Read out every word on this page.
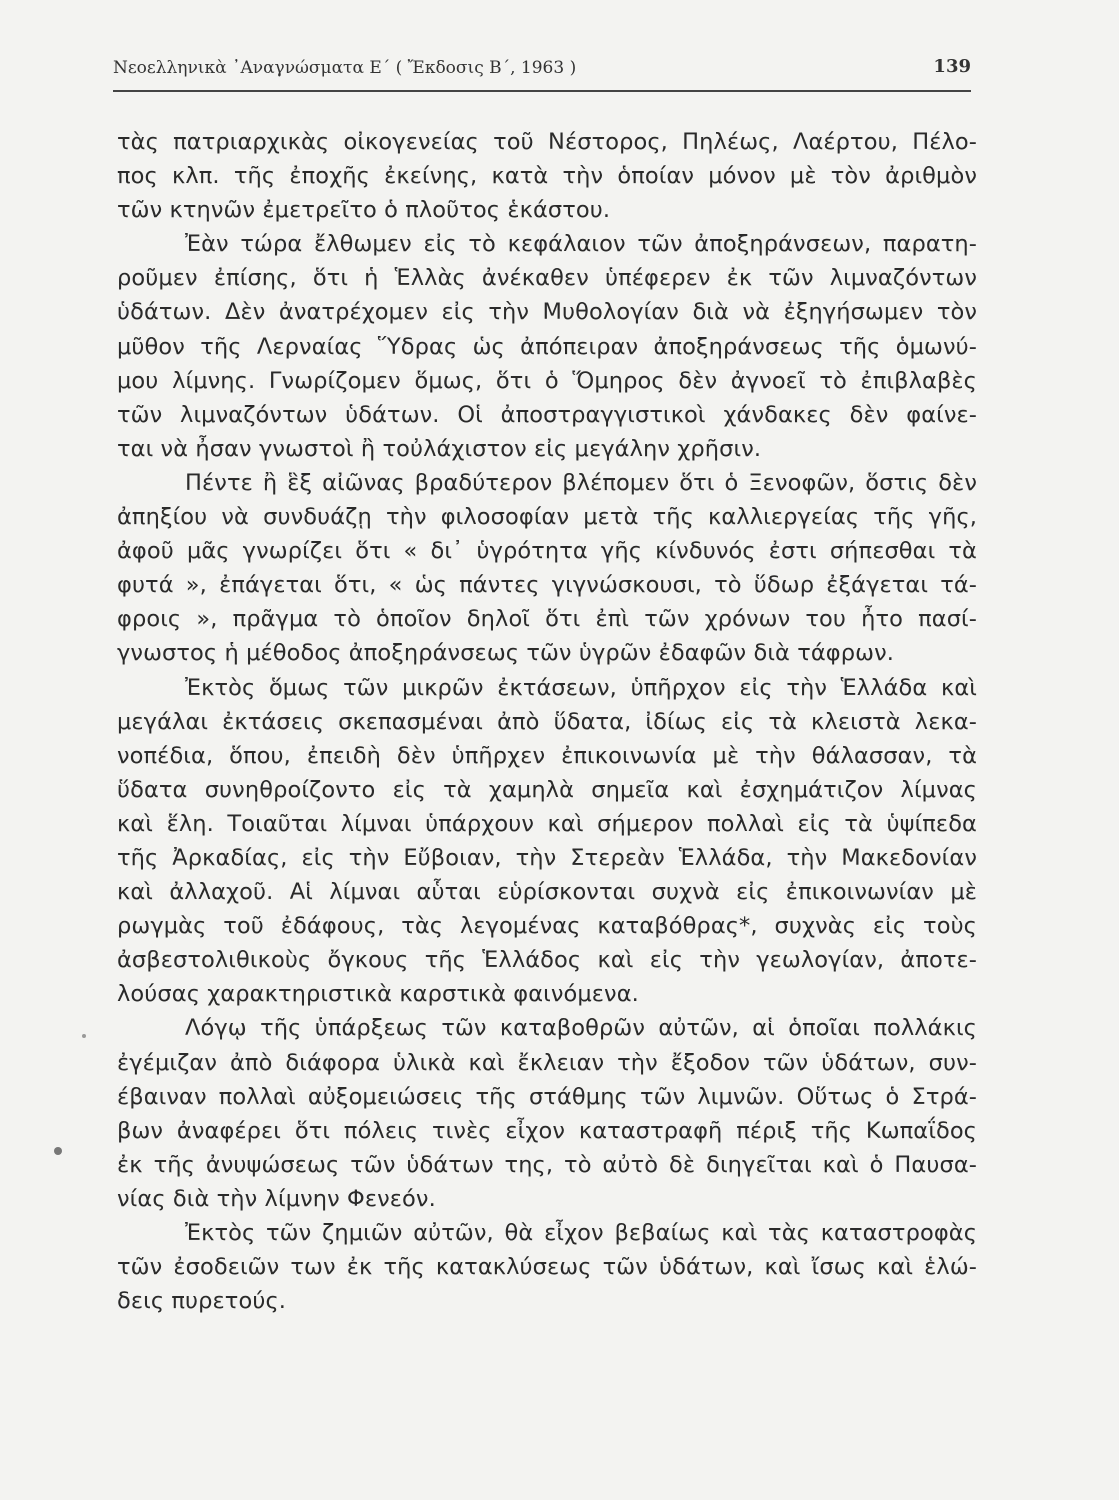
Νεοελληνικὰ ᾿Αναγνώσματα Ε΄ ( Ἔκδοσις Β΄, 1963 )	139
τὰς πατριαρχικὰς οἰκογενείας τοῦ Νέστορος, Πηλέως, Λαέρτου, Πέλο-
πος κλπ. τῆς ἐποχῆς ἐκείνης, κατὰ τὴν ὁποίαν μόνον μὲ τὸν ἀριθμὸν
τῶν κτηνῶν ἐμετρεῖτο ὁ πλοῦτος ἑκάστου.
Ἐὰν τώρα ἔλθωμεν εἰς τὸ κεφάλαιον τῶν ἀποξηράνσεων, παρατη-
ροῦμεν ἐπίσης, ὅτι ἡ Ἑλλὰς ἀνέκαθεν ὑπέφερεν ἐκ τῶν λιμναζόντων
ὑδάτων. Δὲν ἀνατρέχομεν εἰς τὴν Μυθολογίαν διὰ νὰ ἐξηγήσωμεν τὸν
μῦθον τῆς Λερναίας Ὕδρας ὡς ἀπόπειραν ἀποξηράνσεως τῆς ὁμωνύ-
μου λίμνης. Γνωρίζομεν ὅμως, ὅτι ὁ Ὅμηρος δὲν ἀγνοεῖ τὸ ἐπιβλαβὲς
τῶν λιμναζόντων ὑδάτων. Οἱ ἀποστραγγιστικοὶ χάνδακες δὲν φαίνε-
ται νὰ ἦσαν γνωστοὶ ἢ τοὐλάχιστον εἰς μεγάλην χρῆσιν.
Πέντε ἢ ἓξ αἰῶνας βραδύτερον βλέπομεν ὅτι ὁ Ξενοφῶν, ὅστις δὲν
ἀπηξίου νὰ συνδυάζῃ τὴν φιλοσοφίαν μετὰ τῆς καλλιεργείας τῆς γῆς,
ἀφοῦ μᾶς γνωρίζει ὅτι « δι᾿ ὑγρότητα γῆς κίνδυνός ἐστι σήπεσθαι τὰ
φυτά », ἐπάγεται ὅτι, « ὡς πάντες γιγνώσκουσι, τὸ ὕδωρ ἐξάγεται τά-
φροις », πρᾶγμα τὸ ὁποῖον δηλοῖ ὅτι ἐπὶ τῶν χρόνων του ἦτο πασί-
γνωστος ἡ μέθοδος ἀποξηράνσεως τῶν ὑγρῶν ἐδαφῶν διὰ τάφρων.
Ἐκτὸς ὅμως τῶν μικρῶν ἐκτάσεων, ὑπῆρχον εἰς τὴν Ἑλλάδα καὶ
μεγάλαι ἐκτάσεις σκεπασμέναι ἀπὸ ὕδατα, ἰδίως εἰς τὰ κλειστὰ λεκα-
νοπέδια, ὅπου, ἐπειδὴ δὲν ὑπῆρχεν ἐπικοινωνία μὲ τὴν θάλασσαν, τὰ
ὕδατα συνηθροίζοντο εἰς τὰ χαμηλὰ σημεῖα καὶ ἐσχημάτιζον λίμνας
καὶ ἕλη. Τοιαῦται λίμναι ὑπάρχουν καὶ σήμερον πολλαὶ εἰς τὰ ὑψίπεδα
τῆς Ἀρκαδίας, εἰς τὴν Εὔβοιαν, τὴν Στερεὰν Ἑλλάδα, τὴν Μακεδονίαν
καὶ ἀλλαχοῦ. Αἱ λίμναι αὗται εὑρίσκονται συχνὰ εἰς ἐπικοινωνίαν μὲ
ρωγμὰς τοῦ ἐδάφους, τὰς λεγομένας καταβόθρας*, συχνὰς εἰς τοὺς
ἀσβεστολιθικοὺς ὄγκους τῆς Ἑλλάδος καὶ εἰς τὴν γεωλογίαν, ἀποτε-
λούσας χαρακτηριστικὰ καρστικὰ φαινόμενα.
Λόγῳ τῆς ὑπάρξεως τῶν καταβοθρῶν αὐτῶν, αἱ ὁποῖαι πολλάκις
ἐγέμιζαν ἀπὸ διάφορα ὑλικὰ καὶ ἔκλειαν τὴν ἔξοδον τῶν ὑδάτων, συν-
έβαιναν πολλαὶ αὐξομειώσεις τῆς στάθμης τῶν λιμνῶν. Οὕτως ὁ Στρά-
βων ἀναφέρει ὅτι πόλεις τινὲς εἶχον καταστραφῆ πέριξ τῆς Κωπαΐδος
ἐκ τῆς ἀνυψώσεως τῶν ὑδάτων της, τὸ αὐτὸ δὲ διηγεῖται καὶ ὁ Παυσα-
νίας διὰ τὴν λίμνην Φενεόν.
Ἐκτὸς τῶν ζημιῶν αὐτῶν, θὰ εἶχον βεβαίως καὶ τὰς καταστροφὰς
τῶν ἐσοδειῶν των ἐκ τῆς κατακλύσεως τῶν ὑδάτων, καὶ ἴσως καὶ ἑλώ-
δεις πυρετούς.
